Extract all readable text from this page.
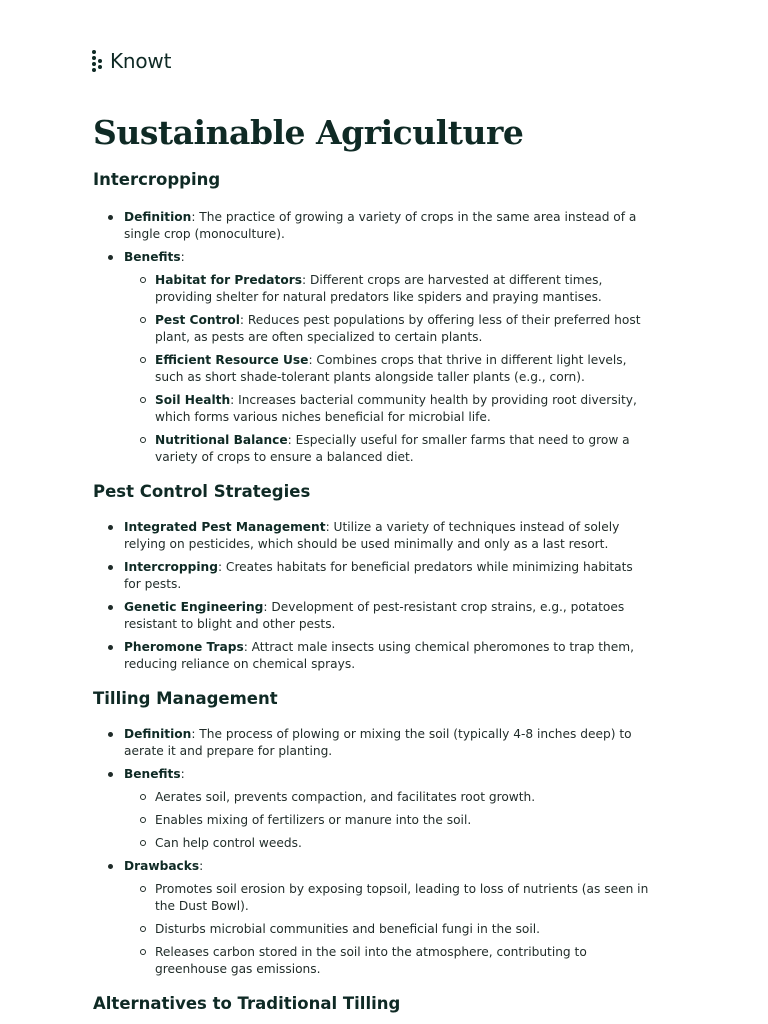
Knowt
Sustainable Agriculture
Intercropping
Definition: The practice of growing a variety of crops in the same area instead of a single crop (monoculture).
Benefits:
Habitat for Predators: Different crops are harvested at different times, providing shelter for natural predators like spiders and praying mantises.
Pest Control: Reduces pest populations by offering less of their preferred host plant, as pests are often specialized to certain plants.
Efficient Resource Use: Combines crops that thrive in different light levels, such as short shade-tolerant plants alongside taller plants (e.g., corn).
Soil Health: Increases bacterial community health by providing root diversity, which forms various niches beneficial for microbial life.
Nutritional Balance: Especially useful for smaller farms that need to grow a variety of crops to ensure a balanced diet.
Pest Control Strategies
Integrated Pest Management: Utilize a variety of techniques instead of solely relying on pesticides, which should be used minimally and only as a last resort.
Intercropping: Creates habitats for beneficial predators while minimizing habitats for pests.
Genetic Engineering: Development of pest-resistant crop strains, e.g., potatoes resistant to blight and other pests.
Pheromone Traps: Attract male insects using chemical pheromones to trap them, reducing reliance on chemical sprays.
Tilling Management
Definition: The process of plowing or mixing the soil (typically 4-8 inches deep) to aerate it and prepare for planting.
Benefits:
Aerates soil, prevents compaction, and facilitates root growth.
Enables mixing of fertilizers or manure into the soil.
Can help control weeds.
Drawbacks:
Promotes soil erosion by exposing topsoil, leading to loss of nutrients (as seen in the Dust Bowl).
Disturbs microbial communities and beneficial fungi in the soil.
Releases carbon stored in the soil into the atmosphere, contributing to greenhouse gas emissions.
Alternatives to Traditional Tilling
